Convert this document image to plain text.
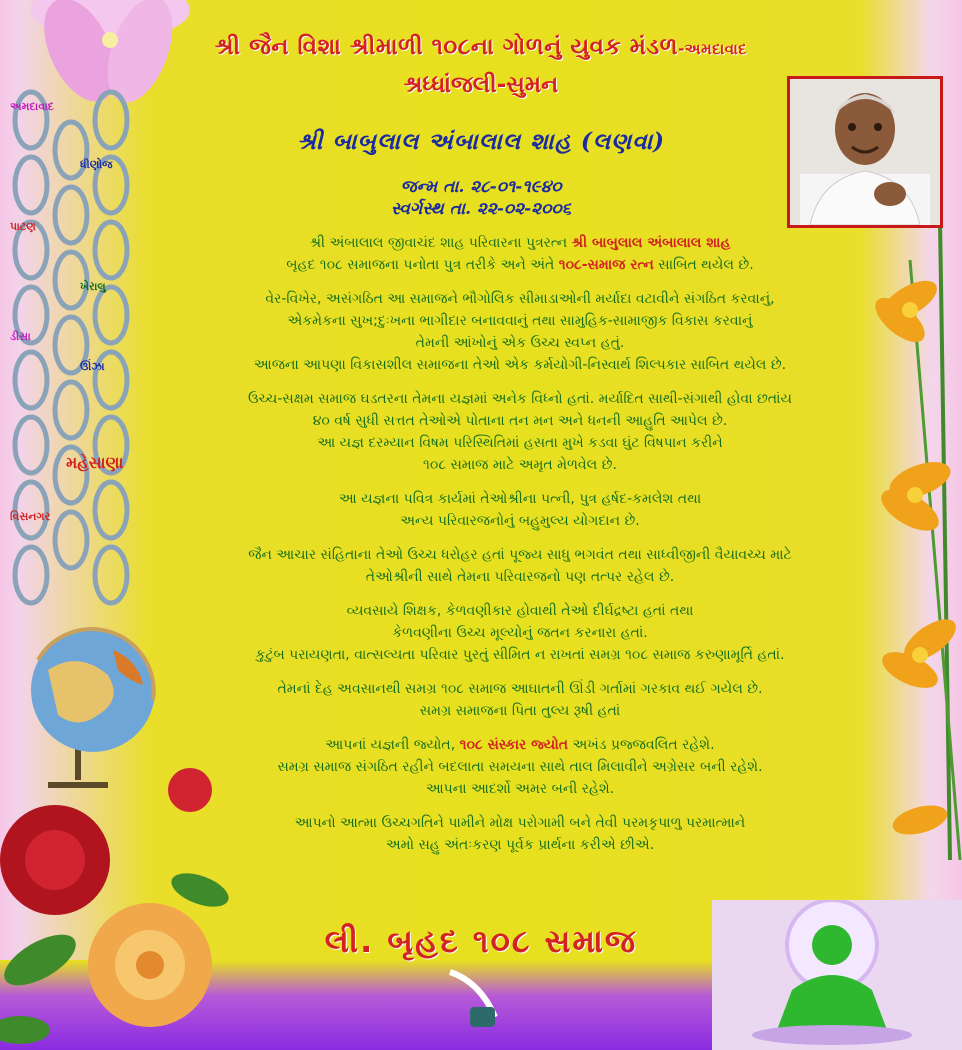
અમદાવાદ
ધીણોજ
મહેસાણા
પાટણ
ખેરાલુ
ડીસા
ઊંઝા
વિસનગર
શ્રી જૈન વિશા શ્રીમાળી ૧૦૮ના ગોળનું યુવક મંડળ-અમદાવાદ
શ્રધ્ધાંજલી-સુમન
શ્રી બાબુલાલ અંબાલાલ શાહ (લણવા)
જન્મ તા. ૨૮-૦૧-૧૯૪૦
સ્વર્ગસ્થ તા. ૨૨-૦૨-૨૦૦૬
શ્રી અંબાલાલ જીવાચંદ શાહ પરિવારના પુત્રરત્ન શ્રી બાબુલાલ અંબાલાલ શાહ
બૃહદ ૧૦૮ સમાજના પનોતા પુત્ર તરીકે અને અંતે ૧૦૮-સમાજ રત્ન સાબિત થયેલ છે.
વેર-વિખેર, અસંગઠિત આ સમાજને ભૌગોલિક સીમાડાઓની મર્યાદા વટાવીને સંગઠિત કરવાનું,
એકમેકના સુખ;દુઃખના ભાગીદાર બનાવવાનું તથા સામુહિક-સામાજીક વિકાસ કરવાનું
તેમની આંખોનું એક ઉચ્ચ સ્વપ્ન હતું.
આજના આપણા વિકાસશીલ સમાજના તેઓ એક કર્મયોગી-નિસ્વાર્થ શિલ્પકાર સાબિત થયેલ છે.
ઉચ્ચ-સક્ષમ સમાજ ઘડતરના તેમના યજ્ઞમાં અનેક વિધ્નો હતાં. મર્યાદિત સાથી-સંગાથી હોવા છતાંય
૪૦ વર્ષ સુધી સત્તત તેઓએ પોતાના તન મન અને ધનની આહુતિ આપેલ છે.
આ યજ્ઞ દરમ્યાન વિષમ પરિસ્થિતિમાં હસતા મુખે કડવા ઘુંટ વિષપાન કરીને
૧૦૮ સમાજ માટે અમૃત મેળવેલ છે.
આ યજ્ઞના પવિત્ર કાર્યમાં તેઓશ્રીના પત્ની, પુત્ર હર્ષદ-કમલેશ તથા
અન્ય પરિવારજનોનું બહુમુલ્ય યોગદાન છે.
જૈન આચાર સંહિતાના તેઓ ઉચ્ચ ધરોહર હતાં પૂજ્ય સાધુ ભગવંત તથા સાધ્વીજીની વૈયાવચ્ચ માટે
તેઓશ્રીની સાથે તેમના પરિવારજનો પણ તત્પર રહેલ છે.
વ્યવસાયે શિક્ષક, કેળવણીકાર હોવાથી તેઓ દીર્ઘદ્રષ્ટા હતાં તથા
કેળવણીના ઉચ્ચ મૂલ્યોનું જતન કરનારા હતાં.
કુટુંબ પરાયણતા, વાત્સલ્યતા પરિવાર પુરતું સીમિત ન રાખતાં સમગ્ર ૧૦૮ સમાજ કરુણામૂર્તિ હતાં.
તેમનાં દેહ અવસાનથી સમગ્ર ૧૦૮ સમાજ આઘાતની ઊંડી ગર્તામાં ગરકાવ થઈ ગયેલ છે.
સમગ્ર સમાજના પિતા તુલ્ય રૂષી હતાં
આપનાં યજ્ઞની જ્યોત, ૧૦૮ સંસ્કાર જ્યોત અખંડ પ્રજ્જવલિત રહેશે.
સમગ્ર સમાજ સંગઠિત રહીને બદલાતા સમયના સાથે તાલ મિલાવીને અગ્રેસર બની રહેશે.
આપના આદર્શો અમર બની રહેશે.
આપનો આત્મા ઉચ્ચગતિને પામીને મોક્ષ પરોગામી બને તેવી પરમકૃપાળુ પરમાત્માને
અમો સહુ અંતઃકરણ પૂર્વક પ્રાર્થના કરીએ છીએ.
લી. બૃહદ ૧૦૮ સમાજ
